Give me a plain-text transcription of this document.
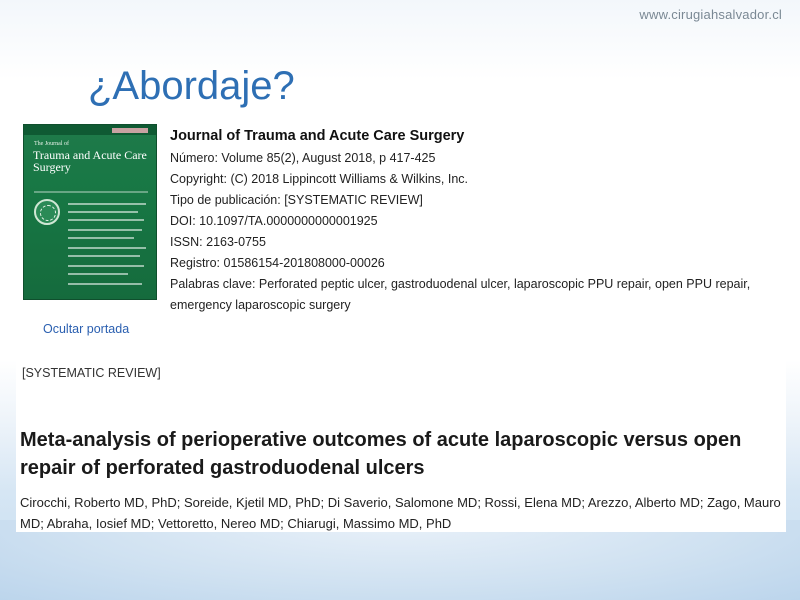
www.cirugiahsalvador.cl
¿Abordaje?
The Journal of
Trauma and Acute Care Surgery
Journal of Trauma and Acute Care Surgery
Número: Volume 85(2), August 2018, p 417-425
Copyright: (C) 2018 Lippincott Williams & Wilkins, Inc.
Tipo de publicación: [SYSTEMATIC REVIEW]
DOI: 10.1097/TA.0000000000001925
ISSN: 2163-0755
Registro: 01586154-201808000-00026
Palabras clave: Perforated peptic ulcer, gastroduodenal ulcer, laparoscopic PPU repair, open PPU repair, emergency laparoscopic surgery
Ocultar portada
[SYSTEMATIC REVIEW]
Meta-analysis of perioperative outcomes of acute laparoscopic versus open repair of perforated gastroduodenal ulcers
Cirocchi, Roberto MD, PhD; Soreide, Kjetil MD, PhD; Di Saverio, Salomone MD; Rossi, Elena MD; Arezzo, Alberto MD; Zago, Mauro MD; Abraha, Iosief MD; Vettoretto, Nereo MD; Chiarugi, Massimo MD, PhD
